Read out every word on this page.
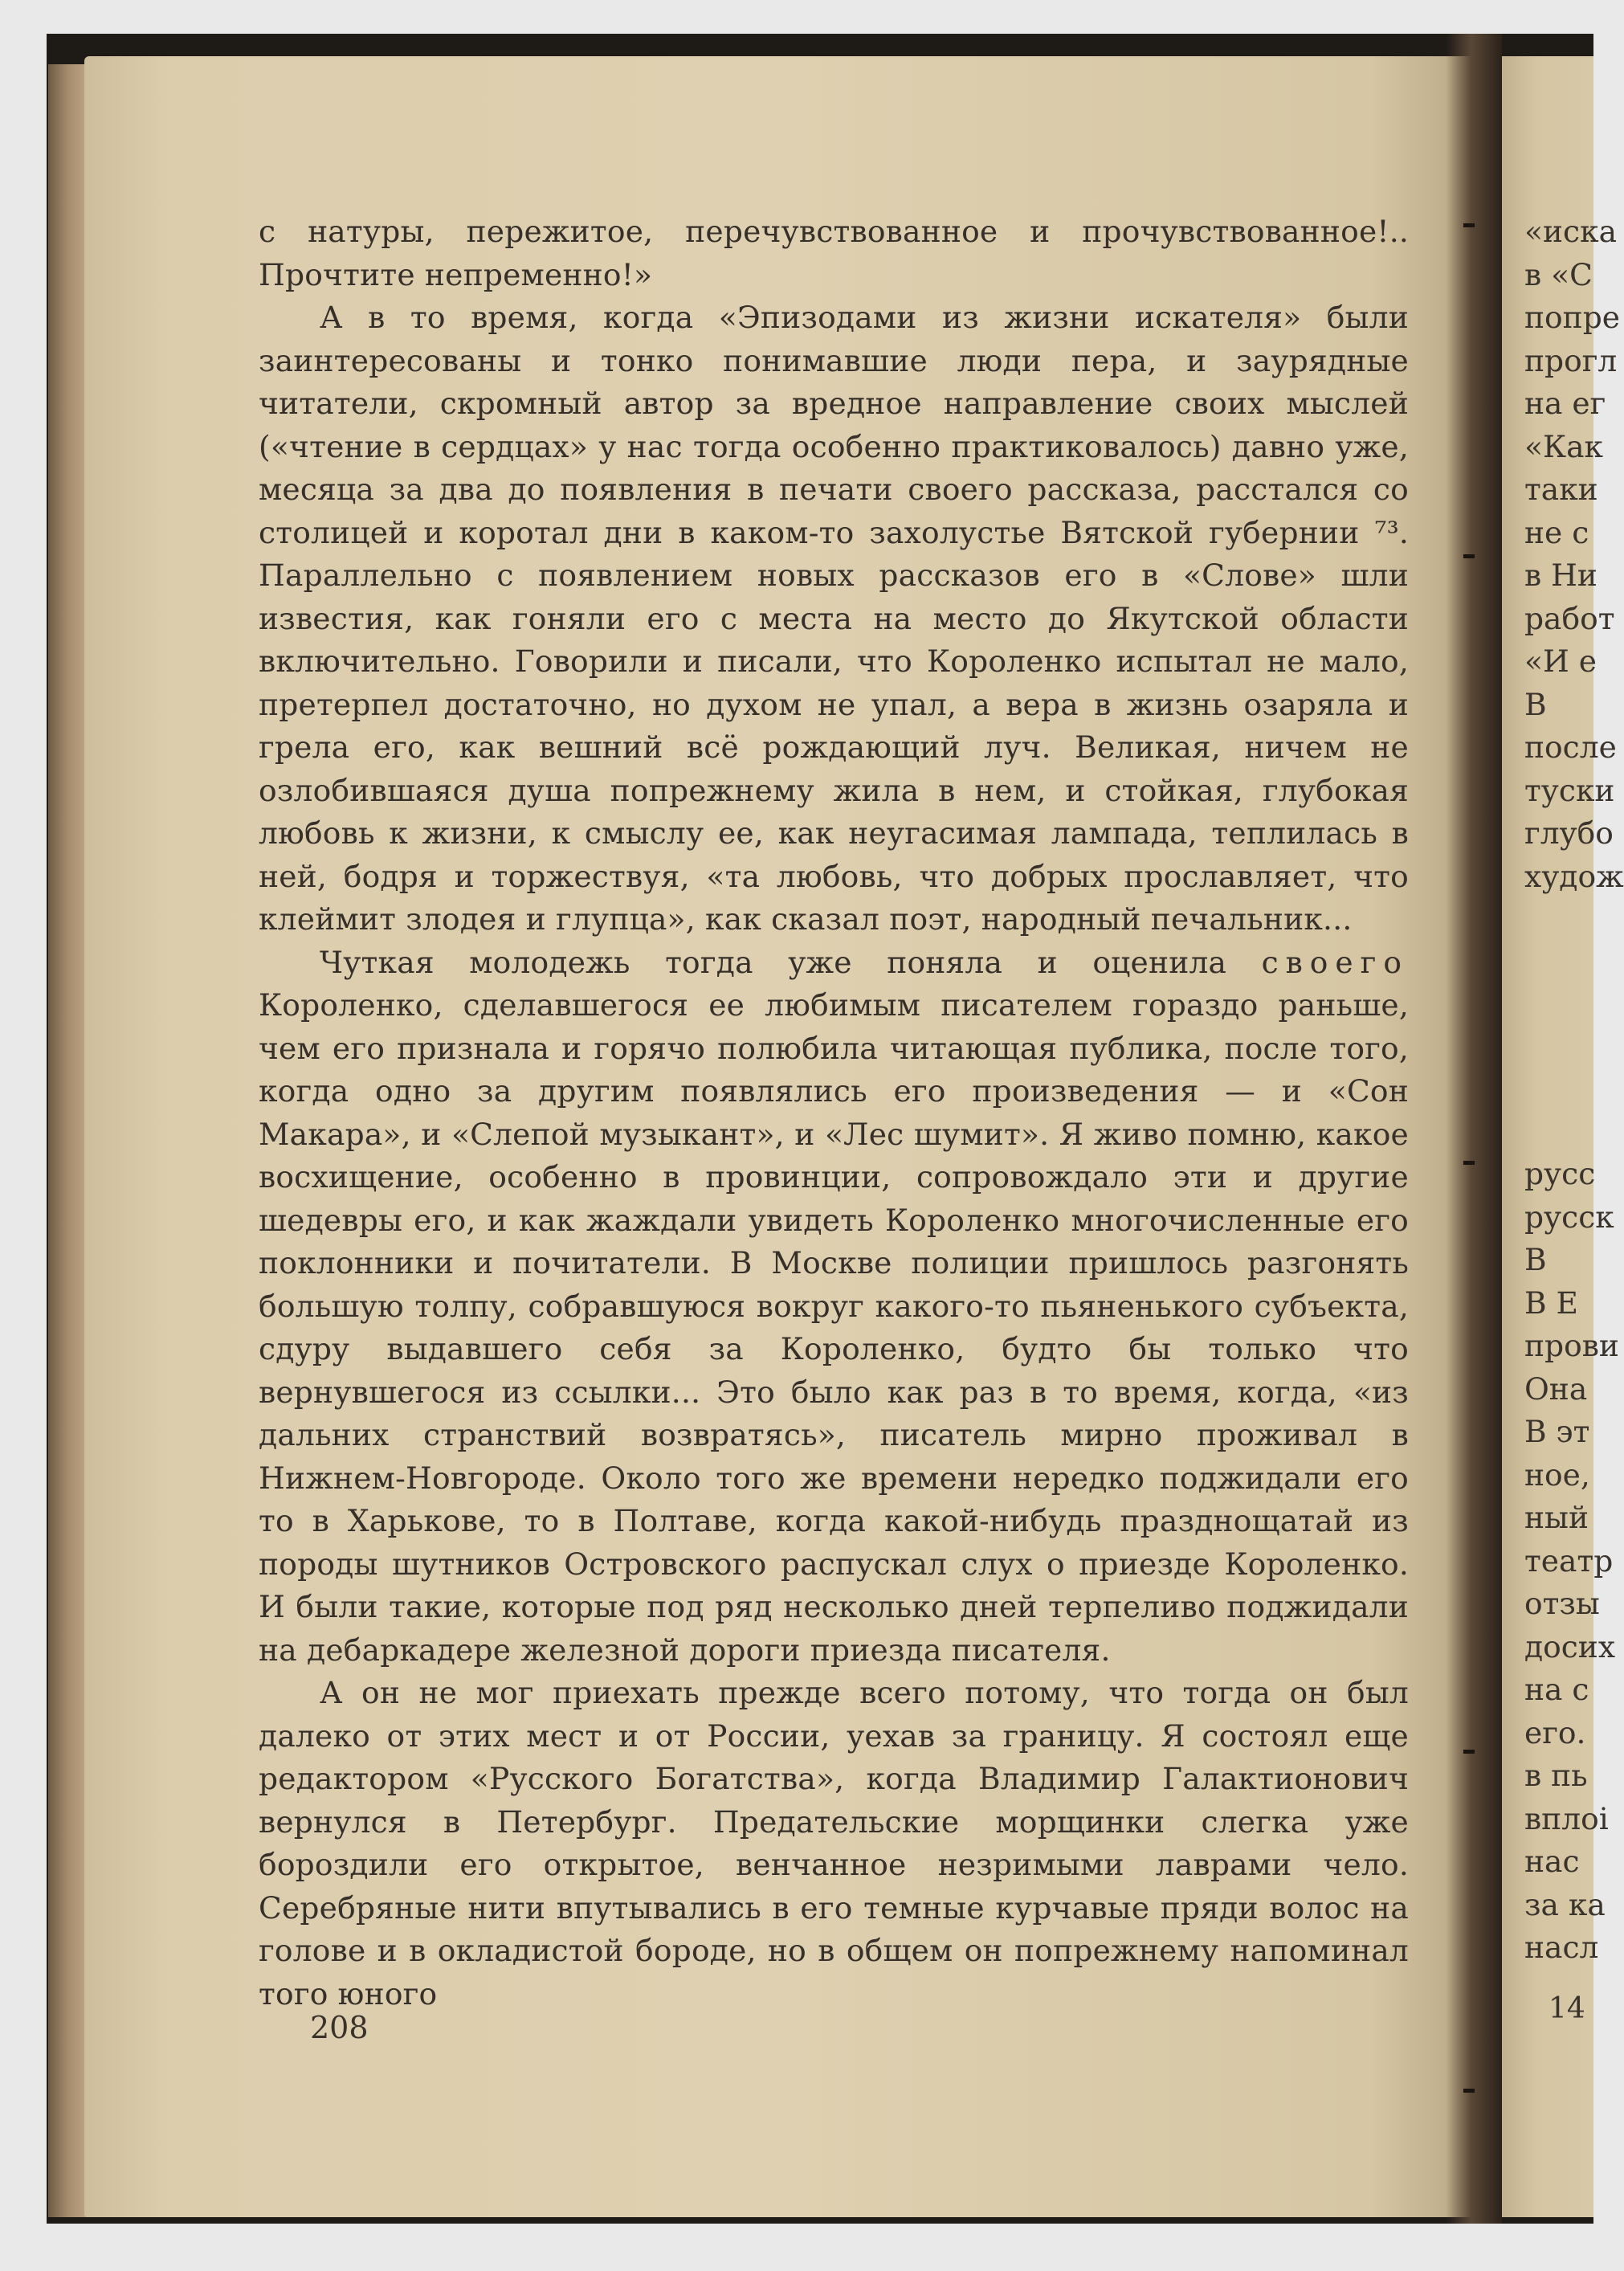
с натуры, пережитое, перечувствованное и прочувствованное!.. Прочтите непременно!»

А в то время, когда «Эпизодами из жизни искателя» были заинтересованы и тонко понимавшие люди пера, и заурядные читатели, скромный автор за вредное направление своих мыслей («чтение в сердцах» у нас тогда особенно практиковалось) давно уже, месяца за два до появления в печати своего рассказа, расстался со столицей и коротал дни в каком-то захолустье Вятской губернии ⁷³. Параллельно с появлением новых рассказов его в «Слове» шли известия, как гоняли его с места на место до Якутской области включительно. Говорили и писали, что Короленко испытал не мало, претерпел достаточно, но духом не упал, а вера в жизнь озаряла и грела его, как вешний всё рождающий луч. Великая, ничем не озлобившаяся душа попрежнему жила в нем, и стойкая, глубокая любовь к жизни, к смыслу ее, как неугасимая лампада, теплилась в ней, бодря и торжествуя, «та любовь, что добрых прославляет, что клеймит злодея и глупца», как сказал поэт, народный печальник...

Чуткая молодежь тогда уже поняла и оценила своего Короленко, сделавшегося ее любимым писателем гораздо раньше, чем его признала и горячо полюбила читающая публика, после того, когда одно за другим появлялись его произведения — и «Сон Макара», и «Слепой музыкант», и «Лес шумит». Я живо помню, какое восхищение, особенно в провинции, сопровождало эти и другие шедевры его, и как жаждали увидеть Короленко многочисленные его поклонники и почитатели. В Москве полиции пришлось разгонять большую толпу, собравшуюся вокруг какого-то пьяненького субъекта, сдуру выдавшего себя за Короленко, будто бы только что вернувшегося из ссылки... Это было как раз в то время, когда, «из дальних странствий возвратясь», писатель мирно проживал в Нижнем-Новгороде. Около того же времени нередко поджидали его то в Харькове, то в Полтаве, когда какой-нибудь празднощатай из породы шутников Островского распускал слух о приезде Короленко. И были такие, которые под ряд несколько дней терпеливо поджидали на дебаркадере железной дороги приезда писателя.

А он не мог приехать прежде всего потому, что тогда он был далеко от этих мест и от России, уехав за границу. Я состоял еще редактором «Русского Богатства», когда Владимир Галактионович вернулся в Петербург. Предательские морщинки слегка уже бороздили его открытое, венчанное незримыми лаврами чело. Серебряные нити впутывались в его темные курчавые пряди волос на голове и в окладистой бороде, но в общем он попрежнему напоминал того юного

208
«иска
в «С
попре
прогл
на ег
«Как
таки
не с
в Ни
работ
«И е
В
после
туски
глубо
худож
русс
русск
В
В Е
прови
Она
В эт
ное,
ный
театр
отзы
досих
на с
его.
в пь
вплоі
нас
за ка
насл
14
